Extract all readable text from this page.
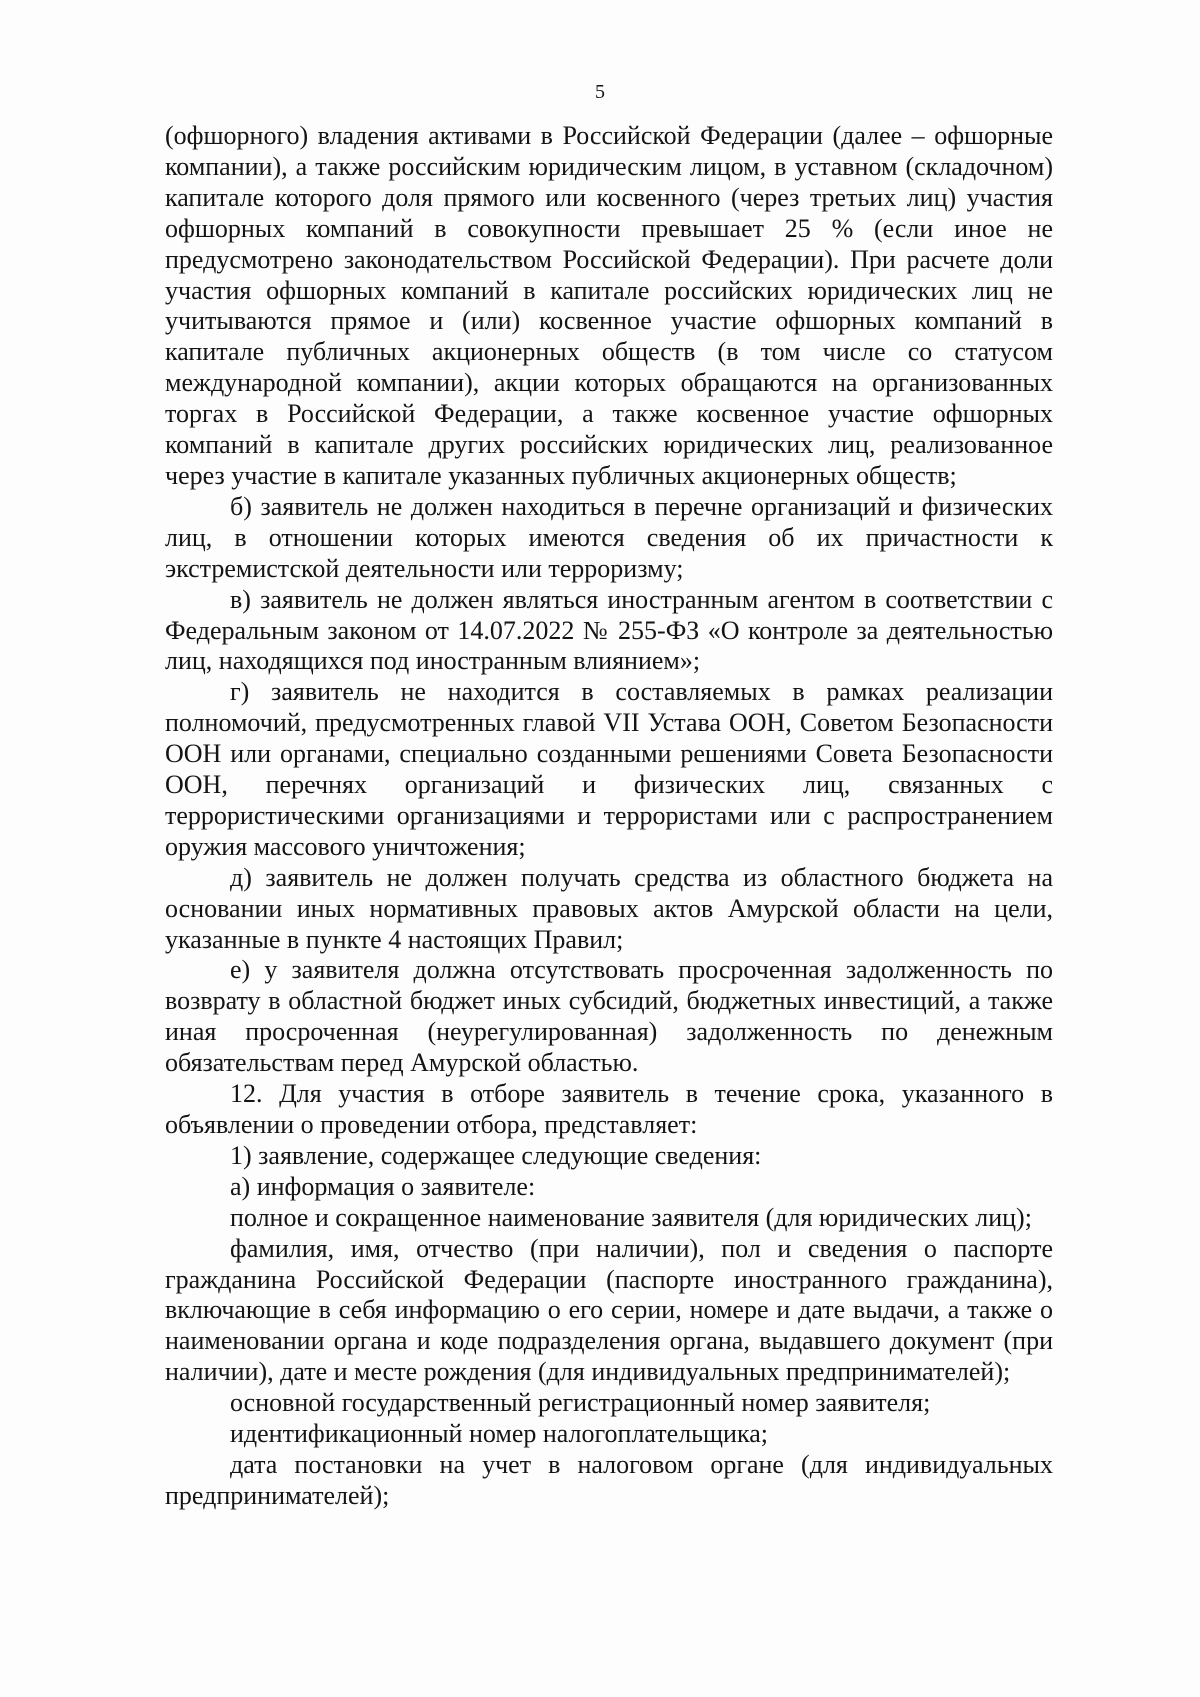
5

(офшорного) владения активами в Российской Федерации (далее – офшорные компании), а также российским юридическим лицом, в уставном (складочном) капитале которого доля прямого или косвенного (через третьих лиц) участия офшорных компаний в совокупности превышает 25 % (если иное не предусмотрено законодательством Российской Федерации). При расчете доли участия офшорных компаний в капитале российских юридических лиц не учитываются прямое и (или) косвенное участие офшорных компаний в капитале публичных акционерных обществ (в том числе со статусом международной компании), акции которых обращаются на организованных торгах в Российской Федерации, а также косвенное участие офшорных компаний в капитале других российских юридических лиц, реализованное через участие в капитале указанных публичных акционерных обществ;

б) заявитель не должен находиться в перечне организаций и физических лиц, в отношении которых имеются сведения об их причастности к экстремистской деятельности или терроризму;

в) заявитель не должен являться иностранным агентом в соответствии с Федеральным законом от 14.07.2022 № 255-ФЗ «О контроле за деятельностью лиц, находящихся под иностранным влиянием»;

г) заявитель не находится в составляемых в рамках реализации полномочий, предусмотренных главой VII Устава ООН, Советом Безопасности ООН или органами, специально созданными решениями Совета Безопасности ООН, перечнях организаций и физических лиц, связанных с террористическими организациями и террористами или с распространением оружия массового уничтожения;

д) заявитель не должен получать средства из областного бюджета на основании иных нормативных правовых актов Амурской области на цели, указанные в пункте 4 настоящих Правил;

е) у заявителя должна отсутствовать просроченная задолженность по возврату в областной бюджет иных субсидий, бюджетных инвестиций, а также иная просроченная (неурегулированная) задолженность по денежным обязательствам перед Амурской областью.

12. Для участия в отборе заявитель в течение срока, указанного в объявлении о проведении отбора, представляет:

1) заявление, содержащее следующие сведения:

а) информация о заявителе:

полное и сокращенное наименование заявителя (для юридических лиц);

фамилия, имя, отчество (при наличии), пол и сведения о паспорте гражданина Российской Федерации (паспорте иностранного гражданина), включающие в себя информацию о его серии, номере и дате выдачи, а также о наименовании органа и коде подразделения органа, выдавшего документ (при наличии), дате и месте рождения (для индивидуальных предпринимателей);

основной государственный регистрационный номер заявителя;

идентификационный номер налогоплательщика;

дата постановки на учет в налоговом органе (для индивидуальных предпринимателей);
